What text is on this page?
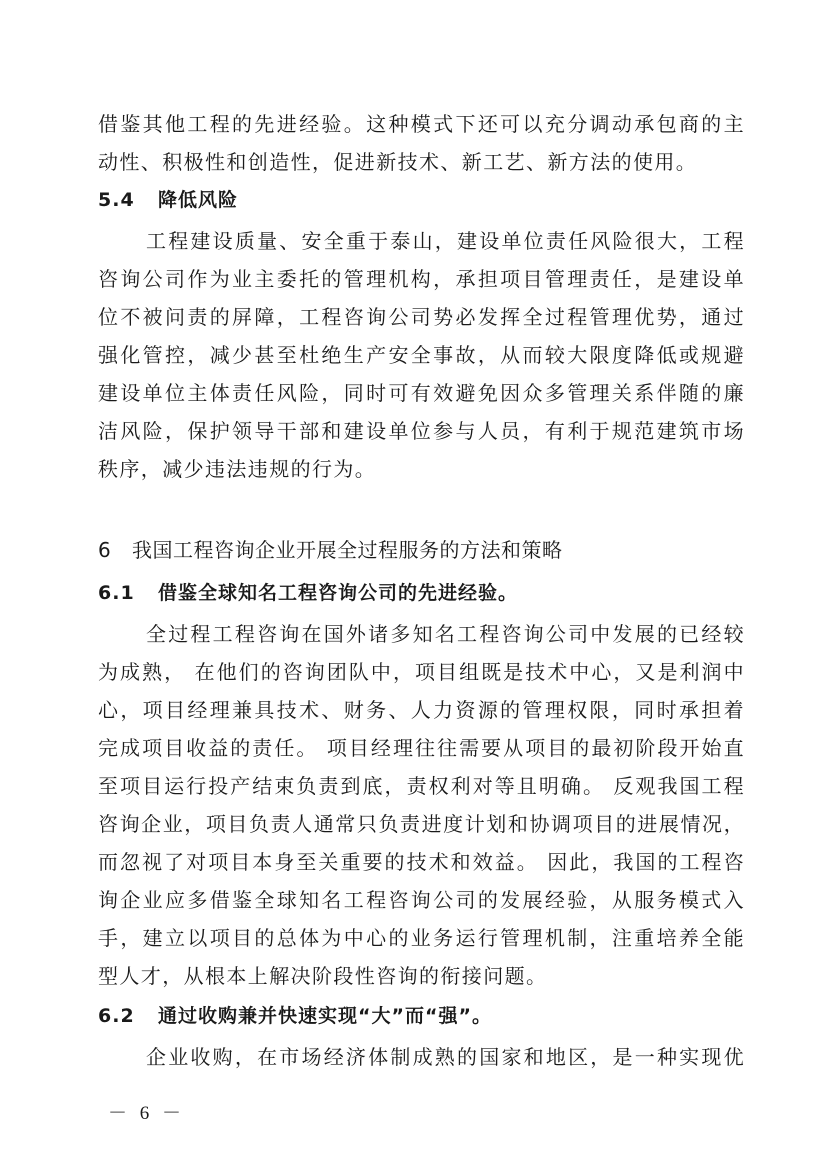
借鉴其他工程的先进经验。这种模式下还可以充分调动承包商的主
动性、积极性和创造性，促进新技术、新工艺、新方法的使用。
5.4 降低风险
工程建设质量、安全重于泰山，建设单位责任风险很大，工程
咨询公司作为业主委托的管理机构，承担项目管理责任，是建设单
位不被问责的屏障，工程咨询公司势必发挥全过程管理优势，通过
强化管控，减少甚至杜绝生产安全事故，从而较大限度降低或规避
建设单位主体责任风险，同时可有效避免因众多管理关系伴随的廉
洁风险，保护领导干部和建设单位参与人员，有利于规范建筑市场
秩序，减少违法违规的行为。
6 我国工程咨询企业开展全过程服务的方法和策略
6.1 借鉴全球知名工程咨询公司的先进经验。
全过程工程咨询在国外诸多知名工程咨询公司中发展的已经较
为成熟， 在他们的咨询团队中，项目组既是技术中心，又是利润中
心，项目经理兼具技术、财务、人力资源的管理权限，同时承担着
完成项目收益的责任。 项目经理往往需要从项目的最初阶段开始直
至项目运行投产结束负责到底，责权利对等且明确。 反观我国工程
咨询企业，项目负责人通常只负责进度计划和协调项目的进展情况，
而忽视了对项目本身至关重要的技术和效益。 因此，我国的工程咨
询企业应多借鉴全球知名工程咨询公司的发展经验，从服务模式入
手，建立以项目的总体为中心的业务运行管理机制，注重培养全能
型人才，从根本上解决阶段性咨询的衔接问题。
6.2 通过收购兼并快速实现“大”而“强”。
企业收购，在市场经济体制成熟的国家和地区，是一种实现优
－ 6 －
